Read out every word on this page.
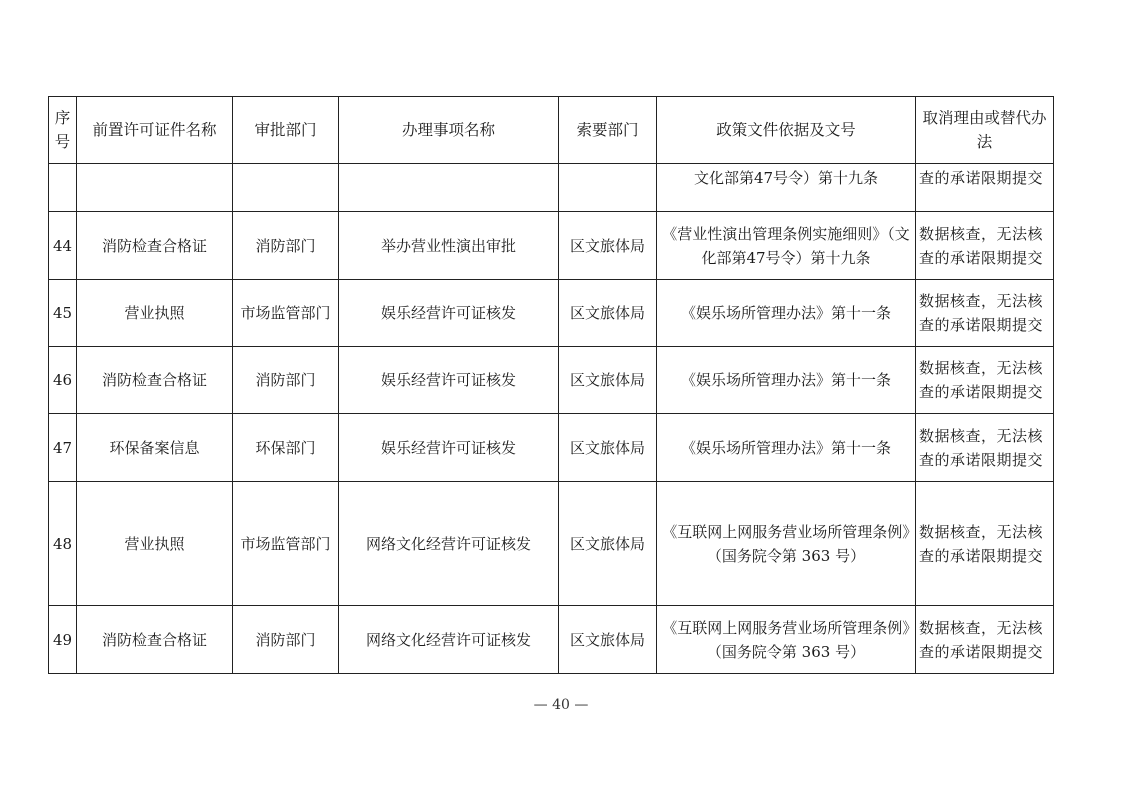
序号	前置许可证件名称	审批部门	办理事项名称	索要部门	政策文件依据及文号	取消理由或替代办法
					文化部第47号令）第十九条	查的承诺限期提交
44	消防检查合格证	消防部门	举办营业性演出审批	区文旅体局	《营业性演出管理条例实施细则》（文化部第47号令）第十九条	数据核查，无法核查的承诺限期提交
45	营业执照	市场监管部门	娱乐经营许可证核发	区文旅体局	《娱乐场所管理办法》第十一条	数据核查，无法核查的承诺限期提交
46	消防检查合格证	消防部门	娱乐经营许可证核发	区文旅体局	《娱乐场所管理办法》第十一条	数据核查，无法核查的承诺限期提交
47	环保备案信息	环保部门	娱乐经营许可证核发	区文旅体局	《娱乐场所管理办法》第十一条	数据核查，无法核查的承诺限期提交
48	营业执照	市场监管部门	网络文化经营许可证核发	区文旅体局	《互联网上网服务营业场所管理条例》（国务院令第 363 号）	数据核查，无法核查的承诺限期提交
49	消防检查合格证	消防部门	网络文化经营许可证核发	区文旅体局	《互联网上网服务营业场所管理条例》（国务院令第 363 号）	数据核查，无法核查的承诺限期提交
— 40 —
